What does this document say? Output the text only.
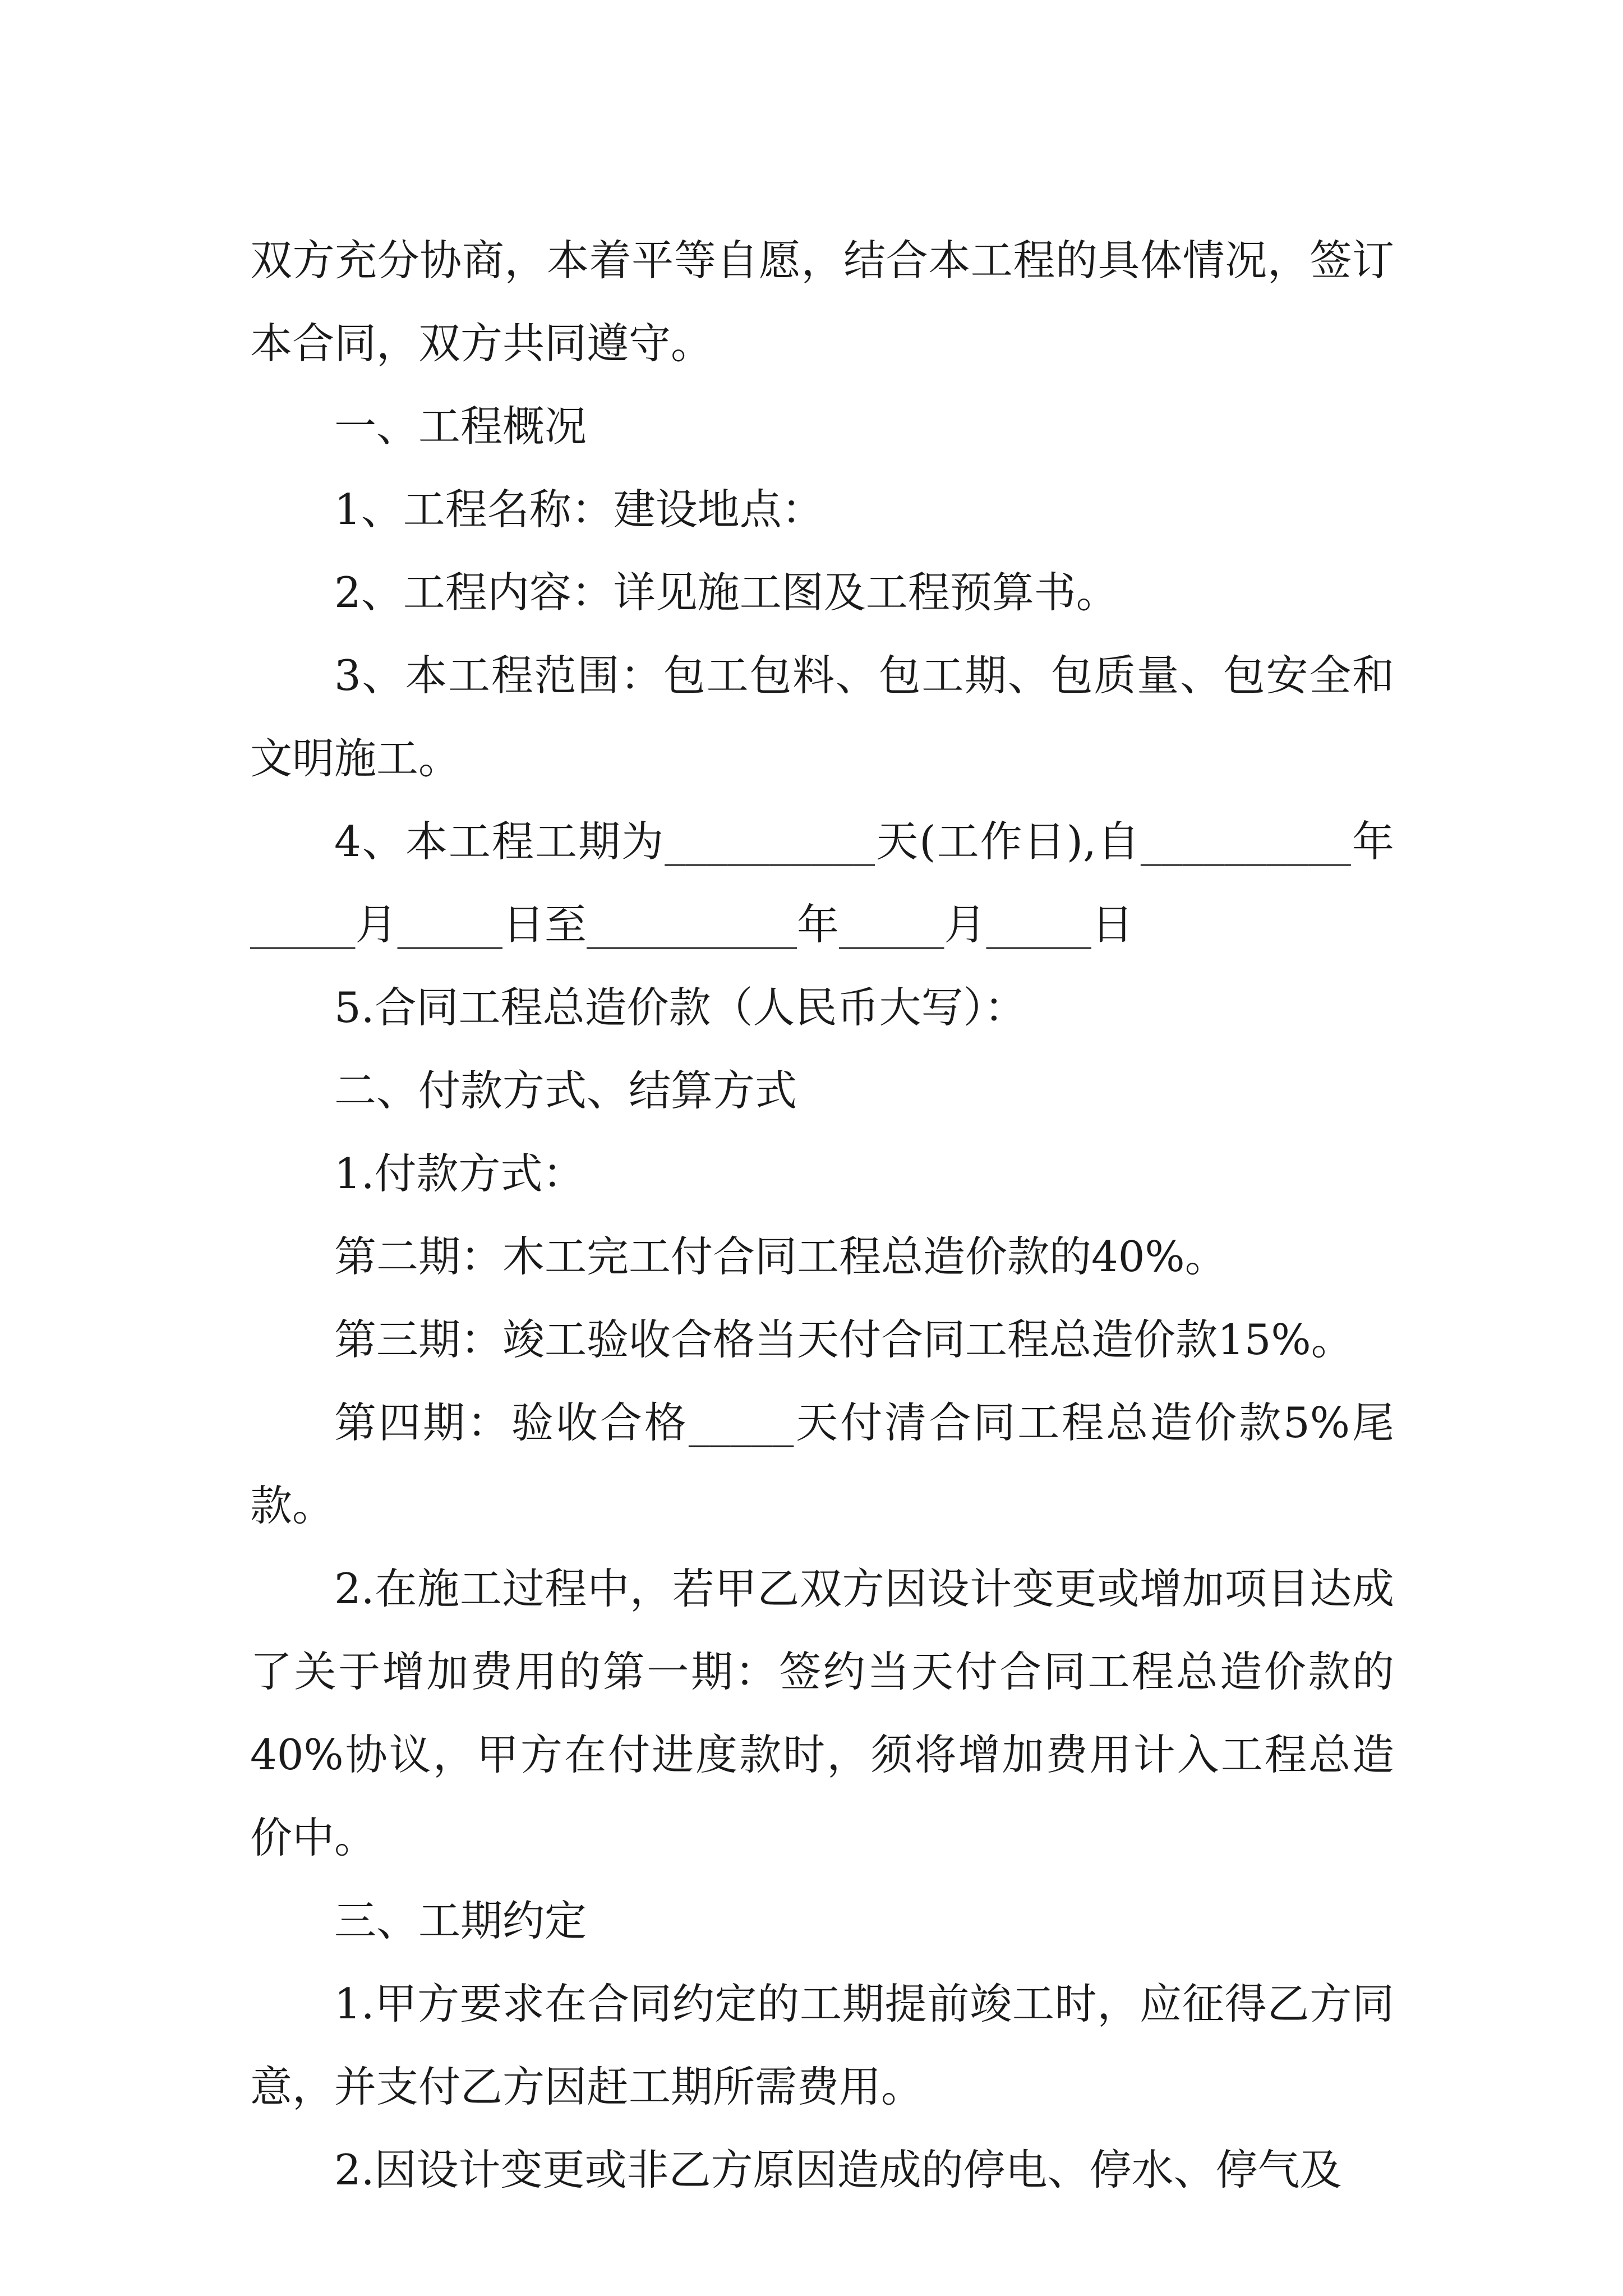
双方充分协商，本着平等自愿，结合本工程的具体情况，签订本合同，双方共同遵守。

一、工程概况

1、工程名称：建设地点：

2、工程内容：详见施工图及工程预算书。

3、本工程范围：包工包料、包工期、包质量、包安全和文明施工。

4、本工程工期为__________天(工作日),自__________年_____月_____日至__________年_____月_____日

5.合同工程总造价款（人民币大写）：

二、付款方式、结算方式

1.付款方式：

第二期：木工完工付合同工程总造价款的40%。

第三期：竣工验收合格当天付合同工程总造价款15%。

第四期：验收合格_____天付清合同工程总造价款5%尾款。

2.在施工过程中，若甲乙双方因设计变更或增加项目达成了关于增加费用的第一期：签约当天付合同工程总造价款的40%协议，甲方在付进度款时，须将增加费用计入工程总造价中。

三、工期约定

1.甲方要求在合同约定的工期提前竣工时，应征得乙方同意，并支付乙方因赶工期所需费用。

2.因设计变更或非乙方原因造成的停电、停水、停气及
